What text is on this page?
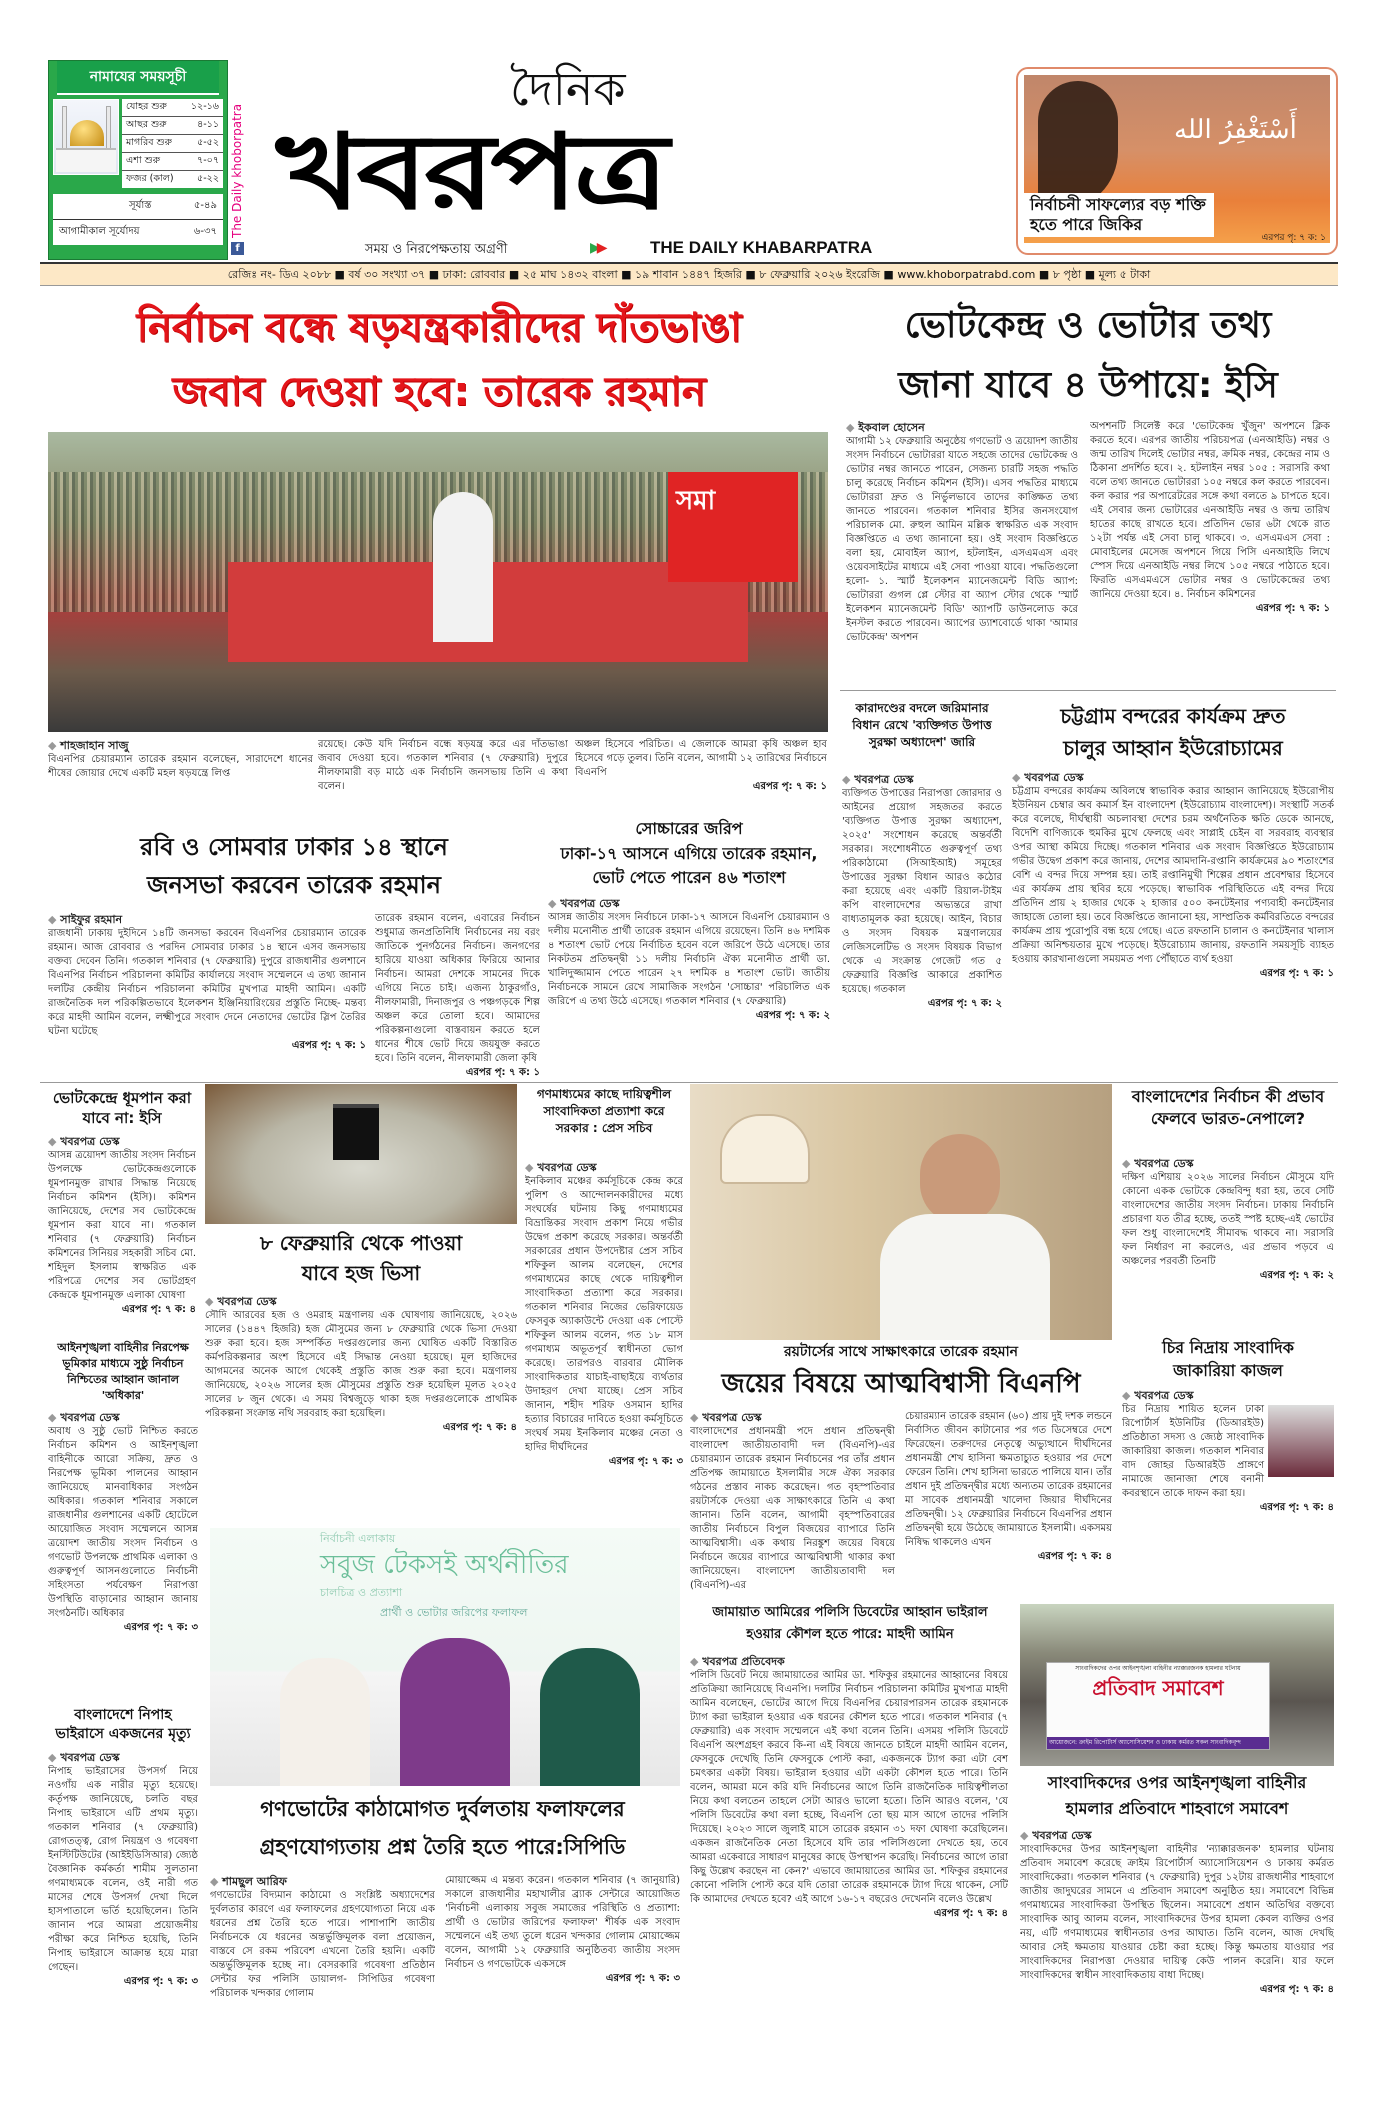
নামাযের সময়সূচী
যোহর শুরু	১২-১৬
আছর শুরু	৪-১১
মাগরিব শুরু	৫-৫২
এশা শুরু	৭-০৭
ফজর (কাল) ৫-২২
সূর্যাস্ত	৫-৪৯
আগামীকাল সূর্যোদয়	৬-৩৭ The Daily khoborpatra
f
দৈনিক
খবরপত্র
সময় ও নিরপেক্ষতায় অগ্রণী	▶▶	THE DAILY KHABARPATRA
أَسْتَغْفِرُ الله
নির্বাচনী সাফল্যের বড় শক্তি হতে পারে জিকির
এরপর পৃ: ৭ ক: ১
রেজিঃ নং- ডিএ ২০৮৮ ■ বর্ষ ৩০ সংখ্যা ৩৭ ■ ঢাকা: রোববার ■ ২৫ মাঘ ১৪৩২ বাংলা ■ ১৯ শাবান ১৪৪৭ হিজরি ■ ৮ ফেব্রুয়ারি ২০২৬ ইংরেজি ■ www.khoborpatrabd.com ■ ৮ পৃষ্ঠা ■ মূল্য ৫ টাকা
নির্বাচন বন্ধে ষড়যন্ত্রকারীদের দাঁতভাঙা
জবাব দেওয়া হবে: তারেক রহমান
ভোটকেন্দ্র ও ভোটার তথ্য
জানা যাবে ৪ উপায়ে: ইসি
সমা
◆ ইকবাল হোসেন
আগামী ১২ ফেব্রুয়ারি অনুষ্ঠেয় গণভোট ও ত্রয়োদশ জাতীয় সংসদ নির্বাচনে ভোটাররা যাতে সহজে তাদের ভোটকেন্দ্র ও ভোটার নম্বর জানতে পারেন, সেজন্য চারটি সহজ পদ্ধতি চালু করেছে নির্বাচন কমিশন (ইসি)। এসব পদ্ধতির মাধ্যমে ভোটাররা দ্রুত ও নির্ভুলভাবে তাদের কাঙ্ক্ষিত তথ্য জানতে পারবেন। গতকাল শনিবার ইসির জনসংযোগ পরিচালক মো. রুহুল আমিন মল্লিক স্বাক্ষরিত এক সংবাদ বিজ্ঞপ্তিতে এ তথ্য জানানো হয়। ওই সংবাদ বিজ্ঞপ্তিতে বলা হয়, মোবাইল অ্যাপ, হটলাইন, এসএমএস এবং ওয়েবসাইটের মাধ্যমে এই সেবা পাওয়া যাবে। পদ্ধতিগুলো হলো- ১. স্মার্ট ইলেকশন ম্যানেজমেন্ট বিডি অ্যাপ: ভোটাররা গুগল প্লে স্টোর বা অ্যাপ স্টোর থেকে 'স্মার্ট ইলেকশন ম্যানেজমেন্ট বিডি' অ্যাপটি ডাউনলোড করে ইনস্টল করতে পারবেন। অ্যাপের ড্যাশবোর্ডে থাকা 'আমার ভোটকেন্দ্র' অপশন
অপশনটি সিলেক্ট করে 'ভোটকেন্দ্র খুঁজুন' অপশনে ক্লিক করতে হবে। এরপর জাতীয় পরিচয়পত্র (এনআইডি) নম্বর ও জন্ম তারিখ দিলেই ভোটার নম্বর, ক্রমিক নম্বর, কেন্দ্রের নাম ও ঠিকানা প্রদর্শিত হবে। ২. হটলাইন নম্বর ১০৫ : সরাসরি কথা বলে তথ্য জানতে ভোটাররা ১০৫ নম্বরে কল করতে পারবেন। কল করার পর অপারেটরের সঙ্গে কথা বলতে ৯ চাপতে হবে। এই সেবার জন্য ভোটারের এনআইডি নম্বর ও জন্ম তারিখ হাতের কাছে রাখতে হবে। প্রতিদিন ভোর ৬টা থেকে রাত ১২টা পর্যন্ত এই সেবা চালু থাকবে। ৩. এসএমএস সেবা : মোবাইলের মেসেজ অপশনে গিয়ে পিসি এনআইডি লিখে স্পেস দিয়ে এনআইডি নম্বর লিখে ১০৫ নম্বরে পাঠাতে হবে। ফিরতি এসএমএসে ভোটার নম্বর ও ভোটকেন্দ্রের তথ্য জানিয়ে দেওয়া হবে। ৪. নির্বাচন কমিশনের
এরপর পৃ: ৭ ক: ১
◆ শাহজাহান সাজু
বিএনপির চেয়ারম্যান তারেক রহমান বলেছেন, সারাদেশে ধানের শীষের জোয়ার দেখে একটি মহল ষড়যন্ত্রে লিপ্ত
রয়েছে। কেউ যদি নির্বাচন বন্ধে ষড়যন্ত্র করে এর দাঁতভাঙা জবাব দেওয়া হবে। গতকাল শনিবার (৭ ফেব্রুয়ারি) দুপুরে নীলফামারী বড় মাঠে এক নির্বাচনি জনসভায় তিনি এ কথা বলেন।
অঞ্চল হিসেবে পরিচিত। এ জেলাকে আমরা কৃষি অঞ্চল হাব হিসেবে গড়ে তুলব। তিনি বলেন, আগামী ১২ তারিখের নির্বাচনে বিএনপি
এরপর পৃ: ৭ ক: ১
তারেক রহমান বলেন, এবারের নির্বাচন শুধুমাত্র জনপ্রতিনিধি নির্বাচনের নয় বরং জাতিকে পুনর্গঠনের নির্বাচন। জনগণের হারিয়ে যাওয়া অধিকার ফিরিয়ে আনার নির্বাচন। আমরা দেশকে সামনের দিকে এগিয়ে নিতে চাই। এজন্য ঠাকুরগাঁও, নীলফামারী, দিনাজপুর ও পঞ্চগড়কে শিল্প অঞ্চল করে তোলা হবে। আমাদের পরিকল্পনাগুলো বাস্তবায়ন করতে হলে ধানের শীষে ভোট দিয়ে জয়যুক্ত করতে হবে। তিনি বলেন, নীলফামারী জেলা কৃষি
এরপর পৃ: ৭ ক: ১
রবি ও সোমবার ঢাকার ১৪ স্থানে
জনসভা করবেন তারেক রহমান
◆ সাইফুর রহমান
রাজধানী ঢাকায় দুইদিনে ১৪টি জনসভা করবেন বিএনপির চেয়ারম্যান তারেক রহমান। আজ রোববার ও পরদিন সোমবার ঢাকার ১৪ স্থানে এসব জনসভায় বক্তব্য দেবেন তিনি। গতকাল শনিবার (৭ ফেব্রুয়ারি) দুপুরে রাজধানীর গুলশানে বিএনপির নির্বাচন পরিচালনা কমিটির কার্যালয়ে সংবাদ সম্মেলনে এ তথ্য জানান দলটির কেন্দ্রীয় নির্বাচন পরিচালনা কমিটির মুখপাত্র মাহদী আমিন। একটি রাজনৈতিক দল পরিকল্পিতভাবে ইলেকশন ইঞ্জিনিয়ারিংয়ের প্রস্তুতি নিচ্ছে- মন্তব্য করে মাহদী আমিন বলেন, লক্ষ্মীপুরে সংবাদ দেনে নেতাদের ভোটের স্লিপ তৈরির ঘটনা ঘটেছে
এরপর পৃ: ৭ ক: ১
সোচ্চারের জরিপ
ঢাকা-১৭ আসনে এগিয়ে তারেক রহমান,
ভোট পেতে পারেন ৪৬ শতাংশ
◆ খবরপত্র ডেস্ক
আসন্ন জাতীয় সংসদ নির্বাচনে ঢাকা-১৭ আসনে বিএনপি চেয়ারম্যান ও দলীয় মনোনীত প্রার্থী তারেক রহমান এগিয়ে রয়েছেন। তিনি ৪৬ দশমিক ৪ শতাংশ ভোট পেয়ে নির্বাচিত হবেন বলে জরিপে উঠে এসেছে। তার নিকটতম প্রতিদ্বন্দ্বী ১১ দলীয় নির্বাচনি ঐক্য মনোনীত প্রার্থী ডা. খালিদুজ্জামান পেতে পারেন ২৭ দশমিক ৪ শতাংশ ভোট। জাতীয় নির্বাচনকে সামনে রেখে সামাজিক সংগঠন 'সোচ্চার' পরিচালিত এক জরিপে এ তথ্য উঠে এসেছে। গতকাল শনিবার (৭ ফেব্রুয়ারি)
এরপর পৃ: ৭ ক: ২
কারাদণ্ডের বদলে জরিমানার বিধান রেখে 'ব্যক্তিগত উপাত্ত সুরক্ষা অধ্যাদেশ' জারি
◆ খবরপত্র ডেস্ক
ব্যক্তিগত উপাত্তের নিরাপত্তা জোরদার ও আইনের প্রয়োগ সহজতর করতে 'ব্যক্তিগত উপাত্ত সুরক্ষা অধ্যাদেশ, ২০২৫' সংশোধন করেছে অন্তর্বর্তী সরকার। সংশোধনীতে গুরুত্বপূর্ণ তথ্য পরিকাঠামো (সিআইআই) সমূহের উপাত্তের সুরক্ষা বিধান আরও কঠোর করা হয়েছে এবং একটি রিয়াল-টাইম কপি বাংলাদেশের অভ্যন্তরে রাখা বাধ্যতামূলক করা হয়েছে। আইন, বিচার ও সংসদ বিষয়ক মন্ত্রণালয়ের লেজিসলেটিভ ও সংসদ বিষয়ক বিভাগ থেকে এ সংক্রান্ত গেজেট গত ৫ ফেব্রুয়ারি বিজ্ঞপ্তি আকারে প্রকাশিত হয়েছে। গতকাল
এরপর পৃ: ৭ ক: ২
চট্টগ্রাম বন্দরের কার্যক্রম দ্রুত
চালুর আহ্বান ইউরোচ্যামের
◆ খবরপত্র ডেস্ক
চট্টগ্রাম বন্দরের কার্যক্রম অবিলম্বে স্বাভাবিক করার আহ্বান জানিয়েছে ইউরোপীয় ইউনিয়ন চেম্বার অব কমার্স ইন বাংলাদেশ (ইউরোচ্যাম বাংলাদেশ)। সংস্থাটি সতর্ক করে বলেছে, দীর্ঘস্থায়ী অচলাবস্থা দেশের চরম অর্থনৈতিক ক্ষতি ডেকে আনছে, বিদেশি বাণিজ্যকে হুমকির মুখে ফেলছে এবং সাপ্লাই চেইন বা সরবরাহ ব্যবস্থার ওপর আস্থা কমিয়ে দিচ্ছে। গতকাল শনিবার এক সংবাদ বিজ্ঞপ্তিতে ইউরোচ্যাম গভীর উদ্বেগ প্রকাশ করে জানায়, দেশের আমদানি-রপ্তানি কার্যক্রমের ৯০ শতাংশের বেশি এ বন্দর দিয়ে সম্পন্ন হয়। তাই রপ্তানিমুখী শিল্পের প্রধান প্রবেশদ্বার হিসেবে এর কার্যক্রম প্রায় স্থবির হয়ে পড়েছে। স্বাভাবিক পরিস্থিতিতে এই বন্দর দিয়ে প্রতিদিন প্রায় ২ হাজার থেকে ২ হাজার ৫০০ কনটেইনার পণ্যবাহী কনটেইনার জাহাজে তোলা হয়। তবে বিজ্ঞপ্তিতে জানানো হয়, সাম্প্রতিক কর্মবিরতিতে বন্দরের কার্যক্রম প্রায় পুরোপুরি বন্ধ হয়ে গেছে। এতে রফতানি চালান ও কনটেইনার খালাস প্রক্রিয়া অনিশ্চয়তার মুখে পড়েছে। ইউরোচ্যাম জানায়, রফতানি সময়সূচি ব্যাহত হওয়ায় কারখানাগুলো সময়মত পণ্য পৌঁছাতে ব্যর্থ হওয়া
এরপর পৃ: ৭ ক: ১
ভোটকেন্দ্রে ধূমপান করা যাবে না: ইসি
◆ খবরপত্র ডেস্ক
আসন্ন ত্রয়োদশ জাতীয় সংসদ নির্বাচন উপলক্ষে ভোটকেন্দ্রগুলোকে ধূমপানমুক্ত রাখার সিদ্ধান্ত নিয়েছে নির্বাচন কমিশন (ইসি)। কমিশন জানিয়েছে, দেশের সব ভোটকেন্দ্রে ধূমপান করা যাবে না। গতকাল শনিবার (৭ ফেব্রুয়ারি) নির্বাচন কমিশনের সিনিয়র সহকারী সচিব মো. শহিদুল ইসলাম স্বাক্ষরিত এক পরিপত্রে দেশের সব ভোটগ্রহণ কেন্দ্রকে ধূমপানমুক্ত এলাকা ঘোষণা
এরপর পৃ: ৭ ক: ৪
৮ ফেব্রুয়ারি থেকে পাওয়া
যাবে হজ ভিসা
◆ খবরপত্র ডেস্ক
সৌদি আরবের হজ ও ওমরাহ মন্ত্রণালয় এক ঘোষণায় জানিয়েছে, ২০২৬ সালের (১৪৪৭ হিজরি) হজ মৌসুমের জন্য ৮ ফেব্রুয়ারি থেকে ভিসা দেওয়া শুরু করা হবে। হজ সম্পর্কিত দপ্তরগুলোর জন্য ঘোষিত একটি বিস্তারিত কর্মপরিকল্পনার অংশ হিসেবে এই সিদ্ধান্ত নেওয়া হয়েছে। মূল হাজিদের আগমনের অনেক আগে থেকেই প্রস্তুতি কাজ শুরু করা হবে। মন্ত্রণালয় জানিয়েছে, ২০২৬ সালের হজ মৌসুমের প্রস্তুতি শুরু হয়েছিল মূলত ২০২৫ সালের ৮ জুন থেকে। এ সময় বিশ্বজুড়ে থাকা হজ দপ্তরগুলোকে প্রাথমিক পরিকল্পনা সংক্রান্ত নথি সরবরাহ করা হয়েছিল।
এরপর পৃ: ৭ ক: ৪
গণমাধ্যমের কাছে দায়িত্বশীল সাংবাদিকতা প্রত্যাশা করে সরকার : প্রেস সচিব
◆ খবরপত্র ডেস্ক
ইনকিলাব মঞ্চের কর্মসূচিকে কেন্দ্র করে পুলিশ ও আন্দোলনকারীদের মধ্যে সংঘর্ষের ঘটনায় কিছু গণমাধ্যমের বিভ্রান্তিকর সংবাদ প্রকাশ নিয়ে গভীর উদ্বেগ প্রকাশ করেছে সরকার। অন্তর্বর্তী সরকারের প্রধান উপদেষ্টার প্রেস সচিব শফিকুল আলম বলেছেন, দেশের গণমাধ্যমের কাছে থেকে দায়িত্বশীল সাংবাদিকতা প্রত্যাশা করে সরকার। গতকাল শনিবার নিজের ভেরিফায়েড ফেসবুক অ্যাকাউন্টে দেওয়া এক পোস্টে শফিকুল আলম বলেন, গত ১৮ মাস গণমাধ্যম অভূতপূর্ব স্বাধীনতা ভোগ করেছে। তারপরও বারবার মৌলিক সাংবাদিকতার যাচাই-বাছাইয়ে ব্যর্থতার উদাহরণ দেখা যাচ্ছে। প্রেস সচিব জানান, শহীদ শরিফ ওসমান হাদির হত্যার বিচারের দাবিতে হওয়া কর্মসূচিতে সংঘর্ষ সময় ইনকিলাব মঞ্চের নেতা ও হাদির দীর্ঘদিনের
এরপর পৃ: ৭ ক: ৩
রয়টার্সের সাথে সাক্ষাৎকারে তারেক রহমান
জয়ের বিষয়ে আত্মবিশ্বাসী বিএনপি
◆ খবরপত্র ডেস্ক
বাংলাদেশের প্রধানমন্ত্রী পদে প্রধান প্রতিদ্বন্দ্বী বাংলাদেশ জাতীয়তাবাদী দল (বিএনপি)-এর চেয়ারম্যান তারেক রহমান নির্বাচনের পর তাঁর প্রধান প্রতিপক্ষ জামায়াতে ইসলামীর সঙ্গে ঐক্য সরকার গঠনের প্রস্তাব নাকচ করেছেন। গত বৃহস্পতিবার রয়টার্সকে দেওয়া এক সাক্ষাৎকারে তিনি এ কথা জানান। তিনি বলেন, আগামী বৃহস্পতিবারের জাতীয় নির্বাচনে বিপুল বিজয়ের ব্যাপারে তিনি আত্মবিশ্বাসী। এক কথায় নিরঙ্কুশ জয়ের বিষয়ে নির্বাচনে জয়ের ব্যাপারে আত্মবিশ্বাসী থাকার কথা জানিয়েছেন। বাংলাদেশ জাতীয়তাবাদী দল (বিএনপি)-এর
চেয়ারম্যান তারেক রহমান (৬০) প্রায় দুই দশক লন্ডনে নির্বাসিত জীবন কাটানোর পর গত ডিসেম্বরে দেশে ফিরেছেন। তরুণদের নেতৃত্বে অভ্যুত্থানে দীর্ঘদিনের প্রধানমন্ত্রী শেখ হাসিনা ক্ষমতাচ্যুত হওয়ার পর দেশে ফেরেন তিনি। শেখ হাসিনা ভারতে পালিয়ে যান। তাঁর প্রধান দুই প্রতিদ্বন্দ্বীর মধ্যে অন্যতম তারেক রহমানের মা সাবেক প্রধানমন্ত্রী খালেদা জিয়ার দীর্ঘদিনের প্রতিদ্বন্দ্বী। ১২ ফেব্রুয়ারির নির্বাচনে বিএনপির প্রধান প্রতিদ্বন্দ্বী হয়ে উঠেছে জামায়াতে ইসলামী। একসময় নিষিদ্ধ থাকলেও এখন
এরপর পৃ: ৭ ক: ৪
বাংলাদেশের নির্বাচন কী প্রভাব ফেলবে ভারত-নেপালে?
◆ খবরপত্র ডেস্ক
দক্ষিণ এশিয়ায় ২০২৬ সালের নির্বাচন মৌসুমে যদি কোনো একক ভোটকে কেন্দ্রবিন্দু ধরা হয়, তবে সেটি বাংলাদেশের জাতীয় সংসদ নির্বাচন। ঢাকায় নির্বাচনি প্রচারণা যত তীব্র হচ্ছে, ততই স্পষ্ট হচ্ছে-এই ভোটের ফল শুধু বাংলাদেশেই সীমাবদ্ধ থাকবে না। সরাসরি ফল নির্ধারণ না করলেও, এর প্রভাব পড়বে এ অঞ্চলের পরবর্তী তিনটি
এরপর পৃ: ৭ ক: ২
চির নিদ্রায় সাংবাদিক
জাকারিয়া কাজল
◆ খবরপত্র ডেস্ক
চির নিদ্রায় শায়িত হলেন ঢাকা রিপোর্টার্স ইউনিটির (ডিআরইউ) প্রতিষ্ঠাতা সদস্য ও জ্যেষ্ঠ সাংবাদিক জাকারিয়া কাজল। গতকাল শনিবার বাদ জোহর ডিআরইউ প্রাঙ্গণে নামাজে জানাজা শেষে বনানী কবরস্থানে তাকে দাফন করা হয়।
এরপর পৃ: ৭ ক: ৪
আইনশৃঙ্খলা বাহিনীর নিরপেক্ষ ভূমিকার মাধ্যমে সুষ্ঠু নির্বাচন নিশ্চিতের আহ্বান জানাল 'অধিকার'
◆ খবরপত্র ডেস্ক
অবাধ ও সুষ্ঠু ভোট নিশ্চিত করতে নির্বাচন কমিশন ও আইনশৃঙ্খলা বাহিনীকে আরো সক্রিয়, দ্রুত ও নিরপেক্ষ ভূমিকা পালনের আহ্বান জানিয়েছে মানবাধিকার সংগঠন অধিকার। গতকাল শনিবার সকালে রাজধানীর গুলশানের একটি হোটেলে আয়োজিত সংবাদ সম্মেলনে আসন্ন ত্রয়োদশ জাতীয় সংসদ নির্বাচন ও গণভোট উপলক্ষে প্রাথমিক এলাকা ও গুরুত্বপূর্ণ আসনগুলোতে নির্বাচনী সহিংসতা পর্যবেক্ষণ নিরাপত্তা উপস্থিতি বাড়ানোর আহ্বান জানায় সংগঠনটি। অধিকার
এরপর পৃ: ৭ ক: ৩
বাংলাদেশে নিপাহ ভাইরাসে একজনের মৃত্যু
◆ খবরপত্র ডেস্ক
নিপাহ ভাইরাসের উপসর্গ নিয়ে নওগাঁয় এক নারীর মৃত্যু হয়েছে। কর্তৃপক্ষ জানিয়েছে, চলতি বছর নিপাহ ভাইরাসে এটি প্রথম মৃত্যু। গতকাল শনিবার (৭ ফেব্রুয়ারি) রোগতত্ত্ব, রোগ নিয়ন্ত্রণ ও গবেষণা ইনস্টিটিউটের (আইইডিসিআর) জ্যেষ্ঠ বৈজ্ঞানিক কর্মকর্তা শামীম সুলতানা গণমাধ্যমকে বলেন, ওই নারী গত মাসের শেষে উপসর্গ দেখা দিলে হাসপাতালে ভর্তি হয়েছিলেন। তিনি জানান পরে আমরা প্রয়োজনীয় পরীক্ষা করে নিশ্চিত হয়েছি, তিনি নিপাহ ভাইরাসে আক্রান্ত হয়ে মারা গেছেন।
এরপর পৃ: ৭ ক: ৩
নির্বাচনী এলাকায়
সবুজ টেকসই অর্থনীতির
চালচিত্র ও প্রত্যাশা
প্রার্থী ও ভোটার জরিপের ফলাফল
গণভোটের কাঠামোগত দুর্বলতায় ফলাফলের
গ্রহণযোগ্যতায় প্রশ্ন তৈরি হতে পারে:সিপিডি
◆ শামছুল আরিফ
গণভোটের বিদ্যমান কাঠামো ও সংশ্লিষ্ট অধ্যাদেশের দুর্বলতার কারণে এর ফলাফলের গ্রহণযোগ্যতা নিয়ে এক ধরনের প্রশ্ন তৈরি হতে পারে। পাশাপাশি জাতীয় নির্বাচনকে যে ধরনের অন্তর্ভুক্তিমূলক বলা প্রয়োজন, বাস্তবে সে রকম পরিবেশ এখনো তৈরি হয়নি। একটি অন্তর্ভুক্তিমূলক হচ্ছে না। বেসরকারি গবেষণা প্রতিষ্ঠান সেন্টার ফর পলিসি ডায়ালগ- সিপিডির গবেষণা পরিচালক খন্দকার গোলাম
মোয়াজ্জেম এ মন্তব্য করেন। গতকাল শনিবার (৭ জানুয়ারি) সকালে রাজধানীর মহাখালীর ব্র্যাক সেন্টারে আয়োজিত 'নির্বাচনী এলাকায় সবুজ সমাজের পরিস্থিতি ও প্রত্যাশা: প্রার্থী ও ভোটার জরিপের ফলাফল' শীর্ষক এক সংবাদ সম্মেলনে এই তথ্য তুলে ধরেন খন্দকার গোলাম মোয়াজ্জেম বলেন, আগামী ১২ ফেব্রুয়ারি অনুষ্ঠিতব্য জাতীয় সংসদ নির্বাচন ও গণভোটকে একসঙ্গে
এরপর পৃ: ৭ ক: ৩
জামায়াত আমিরের পলিসি ডিবেটের আহ্বান ভাইরাল
হওয়ার কৌশল হতে পারে: মাহদী আমিন
◆ খবরপত্র প্রতিবেদক
পলিসি ডিবেট নিয়ে জামায়াতের আমির ডা. শফিকুর রহমানের আহ্বানের বিষয়ে প্রতিক্রিয়া জানিয়েছে বিএনপি। দলটির নির্বাচন পরিচালনা কমিটির মুখপাত্র মাহদী আমিন বলেছেন, ভোটের আগে দিয়ে বিএনপির চেয়ারপারসন তারেক রহমানকে ট্যাগ করা ভাইরাল হওয়ার এক ধরনের কৌশল হতে পারে। গতকাল শনিবার (৭ ফেব্রুয়ারি) এক সংবাদ সম্মেলনে এই কথা বলেন তিনি। এসময় পলিসি ডিবেটে বিএনপি অংশগ্রহণ করবে কি-না এই বিষয়ে জানতে চাইলে মাহদী আমিন বলেন, ফেসবুকে দেখেছি তিনি ফেসবুকে পোস্ট করা, একজনকে ট্যাগ করা এটা বেশ চমৎকার একটা বিষয়। ভাইরাল হওয়ার এটা একটা কৌশল হতে পারে। তিনি বলেন, আমরা মনে করি যদি নির্বাচনের আগে তিনি রাজনৈতিক দায়িত্বশীলতা নিয়ে কথা বলতেন তাহলে সেটা আরও ভালো হতো। তিনি আরও বলেন, 'যে পলিসি ডিবেটের কথা বলা হচ্ছে, বিএনপি তো ছয় মাস আগে তাদের পলিসি দিয়েছে। ২০২৩ সালে জুলাই মাসে তারেক রহমান ৩১ দফা ঘোষণা করেছিলেন। একজন রাজনৈতিক নেতা হিসেবে যদি তার পলিসিগুলো দেখতে হয়, তবে আমরা একেবারে সাধারণ মানুষের কাছে উপস্থাপন করেছি। নির্বাচনের আগে তারা কিছু উল্লেখ করছেন না কেন?' এভাবে জামায়াতের আমির ডা. শফিকুর রহমানের কোনো পলিসি পোস্ট করে যদি তোরা তারেক রহমানকে ট্যাগ দিয়ে থাকেন, সেটি কি আমাদের দেখতে হবে? এই আগে ১৬-১৭ বছরেও দেখেননি বলেও উল্লেখ
এরপর পৃ: ৭ ক: ৪
সাংবাদিকদের ওপর আইনশৃঙ্খলা বাহিনীর ন্যাক্কারজনক হামলার ঘটনায়
প্রতিবাদ সমাবেশ
আয়োজনে: ক্রাইম রিপোর্টার্স অ্যাসোসিয়েশন ও ঢাকায় কর্মরত সকল সাংবাদিকবৃন্দ
সাংবাদিকদের ওপর আইনশৃঙ্খলা বাহিনীর
হামলার প্রতিবাদে শাহবাগে সমাবেশ
◆ খবরপত্র ডেস্ক
সাংবাদিকদের উপর আইনশৃঙ্খলা বাহিনীর 'ন্যাক্কারজনক' হামলার ঘটনায় প্রতিবাদ সমাবেশ করেছে ক্রাইম রিপোর্টার্স অ্যাসোসিয়েশন ও ঢাকায় কর্মরত সাংবাদিকেরা। গতকাল শনিবার (৭ ফেব্রুয়ারি) দুপুর ১২টায় রাজধানীর শাহবাগে জাতীয় জাদুঘরের সামনে এ প্রতিবাদ সমাবেশ অনুষ্ঠিত হয়। সমাবেশে বিভিন্ন গণমাধ্যমের সাংবাদিকরা উপস্থিত ছিলেন। সমাবেশে প্রধান অতিথির বক্তব্যে সাংবাদিক আবু আলম বলেন, সাংবাদিকদের উপর হামলা কেবল ব্যক্তির ওপর নয়, এটি গণমাধ্যমের স্বাধীনতার ওপর আঘাত। তিনি বলেন, আজ দেখছি আবার সেই ক্ষমতায় যাওয়ার চেষ্টা করা হচ্ছে। কিন্তু ক্ষমতায় যাওয়ার পর সাংবাদিকদের নিরাপত্তা দেওয়ার দায়িত্ব কেউ পালন করেনি। যার ফলে সাংবাদিকদের স্বাধীন সাংবাদিকতায় বাধা দিচ্ছে।
এরপর পৃ: ৭ ক: ৪
